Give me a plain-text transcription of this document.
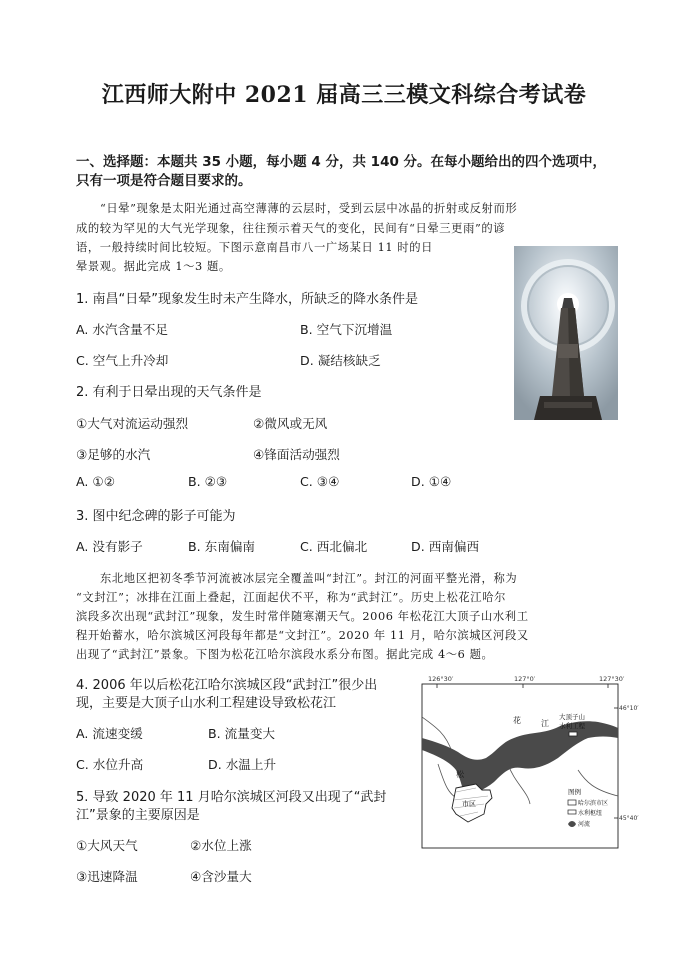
江西师大附中 2021 届高三三模文科综合考试卷
一、选择题：本题共 35 小题，每小题 4 分，共 140 分。在每小题给出的四个选项中，
只有一项是符合题目要求的。
“日晕”现象是太阳光通过高空薄薄的云层时，受到云层中冰晶的折射或反射而形
成的较为罕见的大气光学现象，往往预示着天气的变化，民间有“日晕三更雨”的谚
语，一般持续时间比较短。下图示意南昌市八一广场某日 11 时的日
晕景观。据此完成 1～3 题。
1. 南昌“日晕”现象发生时未产生降水，所缺乏的降水条件是
A. 水汽含量不足	B. 空气下沉增温
C. 空气上升冷却	D. 凝结核缺乏
2. 有利于日晕出现的天气条件是
①大气对流运动强烈	②微风或无风
③足够的水汽	④锋面活动强烈
A. ①②	B. ②③	C. ③④	D. ①④
3. 图中纪念碑的影子可能为
A. 没有影子	B. 东南偏南	C. 西北偏北	D. 西南偏西
东北地区把初冬季节河流被冰层完全覆盖叫“封江”。封江的河面平整光滑，称为
“文封江”；冰排在江面上叠起，江面起伏不平，称为“武封江”。历史上松花江哈尔
滨段多次出现“武封江”现象，发生时常伴随寒潮天气。2006 年松花江大顶子山水利工
程开始蓄水，哈尔滨城区河段每年都是“文封江”。2020 年 11 月，哈尔滨城区河段又
出现了“武封江”景象。下图为松花江哈尔滨段水系分布图。据此完成 4～6 题。
4. 2006 年以后松花江哈尔滨城区段“武封江”很少出
现，主要是大顶子山水利工程建设导致松花江
A. 流速变缓	B. 流量变大
C. 水位升高	D. 水温上升
5. 导致 2020 年 11 月哈尔滨城区河段又出现了“武封
江”景象的主要原因是
①大风天气	②水位上涨
③迅速降温	④含沙量大
126°30′	127°0′	127°30′
46°10′
45°40′
市区
花	江
松
大顶子山
水利工程
图例
哈尔滨市区
水利枢纽
河流
